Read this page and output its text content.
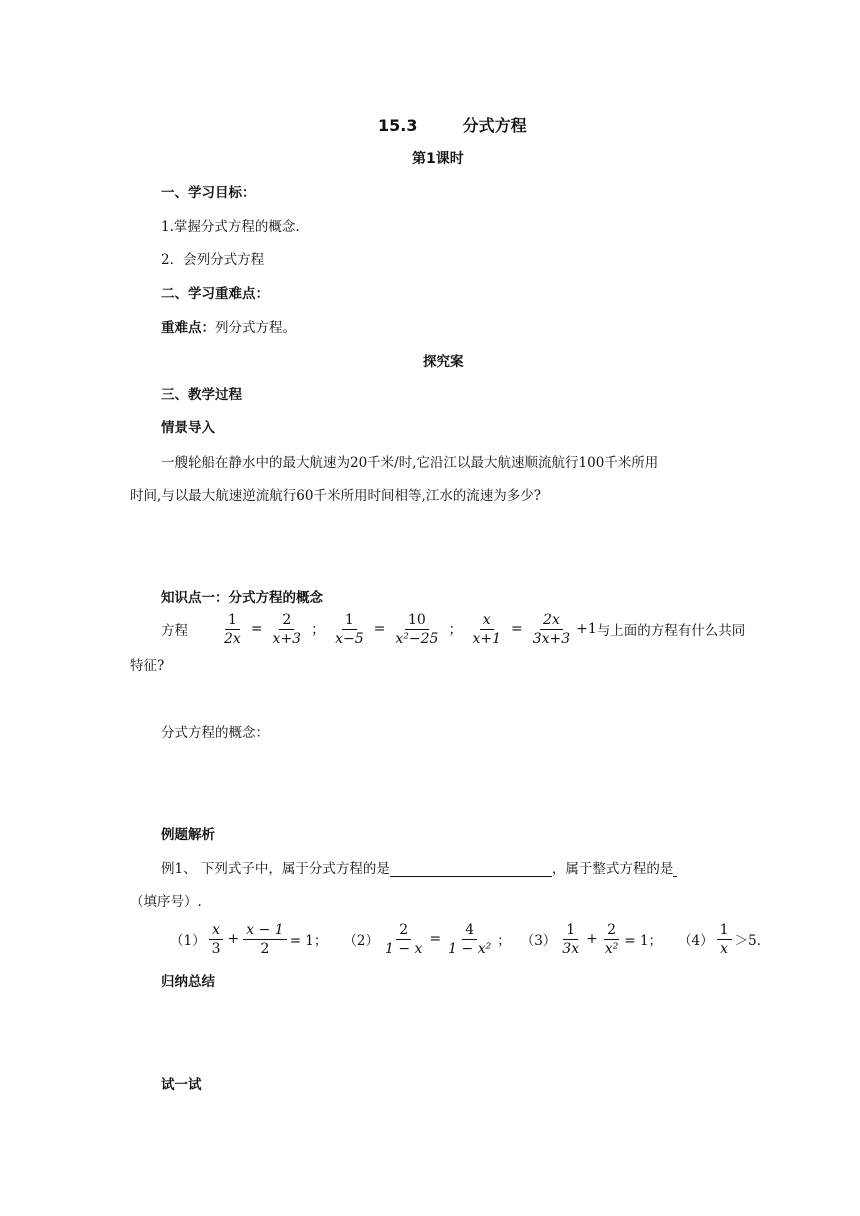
15.3	分式方程
第1课时
一、学习目标：
1.掌握分式方程的概念.
2．会列分式方程
二、学习重难点：
重难点：列分式方程。
探究案
三、教学过程
情景导入
一艘轮船在静水中的最大航速为20千米/时,它沿江以最大航速顺流航行100千米所用
时间,与以最大航速逆流航行60千米所用时间相等,江水的流速为多少?
知识点一：分式方程的概念
方程 $\frac{1}{2x} = \frac{2}{x+3}$ ； $\frac{1}{x-5} = \frac{10}{\text{x²−25}}$ ； $\frac{x}{x+1} = \frac{2x}{3x+3} +1$ 与上面的方程有什么共同
特征?
分式方程的概念：
例题解析
例1、 下列式子中，属于分式方程的是	，属于整式方程的是
（填序号）.
$(1) \frac{x}{3} + \frac{x - 1}{2} = 1$； $(2) \frac{2}{1 - x} = \frac{4}{\text{1 − x²}}$ ； $(3) \frac{1}{3x} + \frac{2}{\text{x²}} = 1$； $(4) \frac{1}{x} >5$.
归纳总结
试一试
